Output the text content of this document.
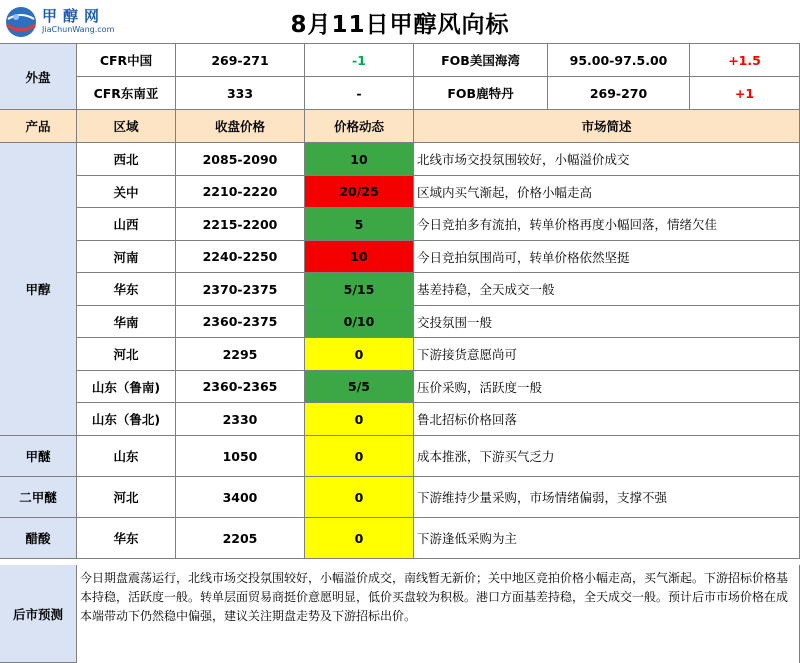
甲醇网
JiaChunWang.com	8月11日甲醇风向标
外盘
CFR中国	269-271	-1	FOB美国海湾	95.00-97.5.00	+1.5
CFR东南亚	333	-	FOB鹿特丹	269-270	+1
产品	区域	收盘价格	价格动态	市场简述
甲醇
西北	2085-2090	10	北线市场交投氛围较好，小幅溢价成交
关中	2210-2220	20/25	区域内买气渐起，价格小幅走高
山西	2215-2200	5	今日竞拍多有流拍，转单价格再度小幅回落，情绪欠佳
河南	2240-2250	10	今日竞拍氛围尚可，转单价格依然坚挺
华东	2370-2375	5/15	基差持稳，全天成交一般
华南	2360-2375	0/10	交投氛围一般
河北	2295	0	下游接货意愿尚可
山东（鲁南)	2360-2365	5/5	压价采购，活跃度一般
山东（鲁北)	2330	0	鲁北招标价格回落
甲醚	山东	1050	0	成本推涨，下游买气乏力
二甲醚	河北	3400	0	下游维持少量采购，市场情绪偏弱，支撑不强
醋酸	华东	2205	0	下游逢低采购为主
后市预测
今日期盘震荡运行，北线市场交投氛围较好，小幅溢价成交，南线暂无新价；关中地区竞拍价格小幅走高，买气渐起。下游招标价格基本持稳，活跃度一般。转单层面贸易商挺价意愿明显，低价买盘较为积极。港口方面基差持稳，全天成交一般。预计后市市场价格在成本端带动下仍然稳中偏强，建议关注期盘走势及下游招标出价。
